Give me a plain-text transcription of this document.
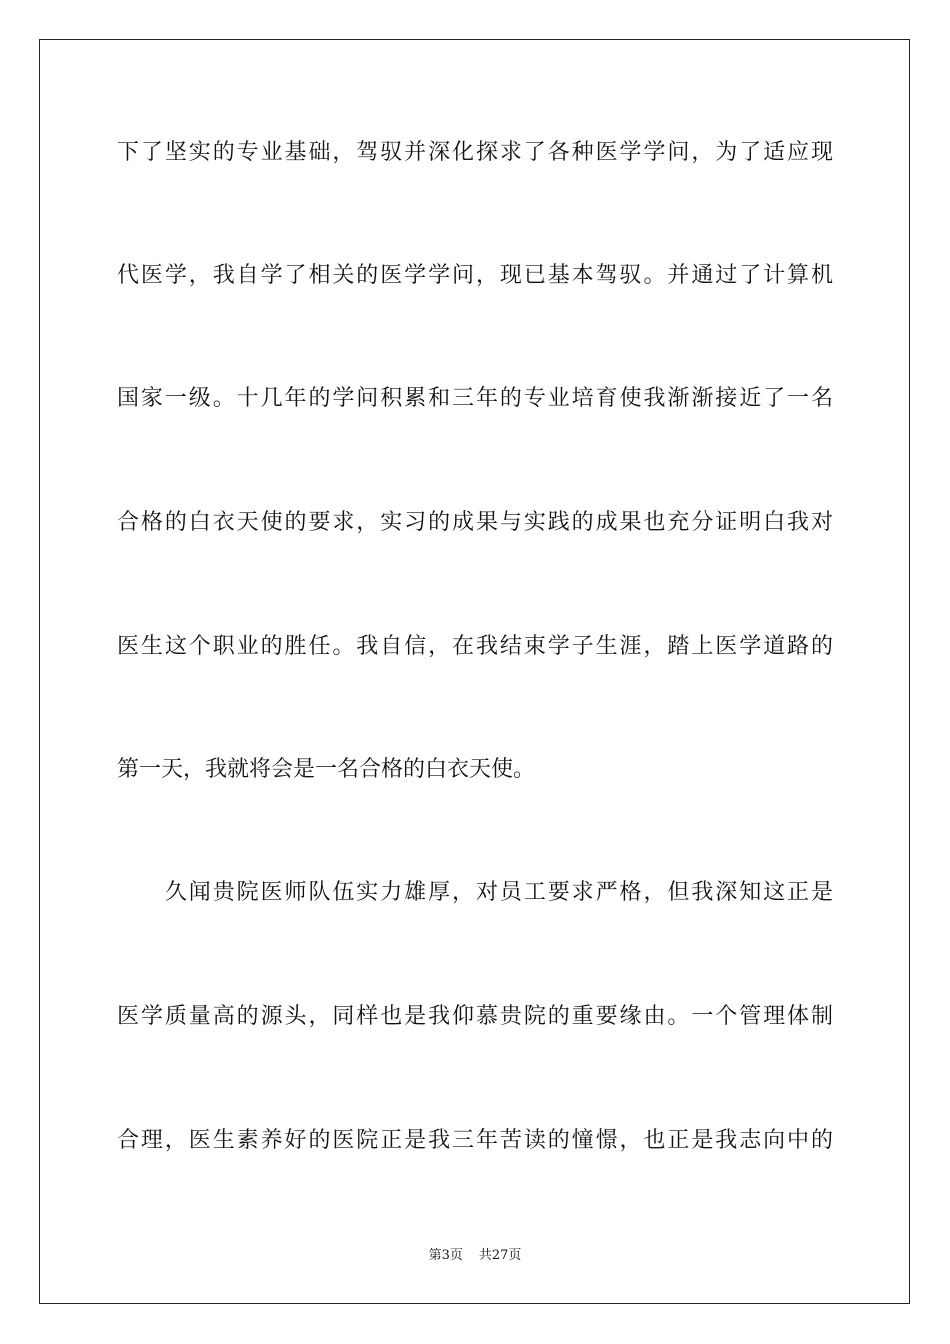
下了坚实的专业基础，驾驭并深化探求了各种医学学问，为了适应现
代医学，我自学了相关的医学学问，现已基本驾驭。并通过了计算机
国家一级。十几年的学问积累和三年的专业培育使我渐渐接近了一名
合格的白衣天使的要求，实习的成果与实践的成果也充分证明白我对
医生这个职业的胜任。我自信，在我结束学子生涯，踏上医学道路的
第一天，我就将会是一名合格的白衣天使。
　　久闻贵院医师队伍实力雄厚，对员工要求严格，但我深知这正是
医学质量高的源头，同样也是我仰慕贵院的重要缘由。一个管理体制
合理，医生素养好的医院正是我三年苦读的憧憬，也正是我志向中的
第3页 共27页
